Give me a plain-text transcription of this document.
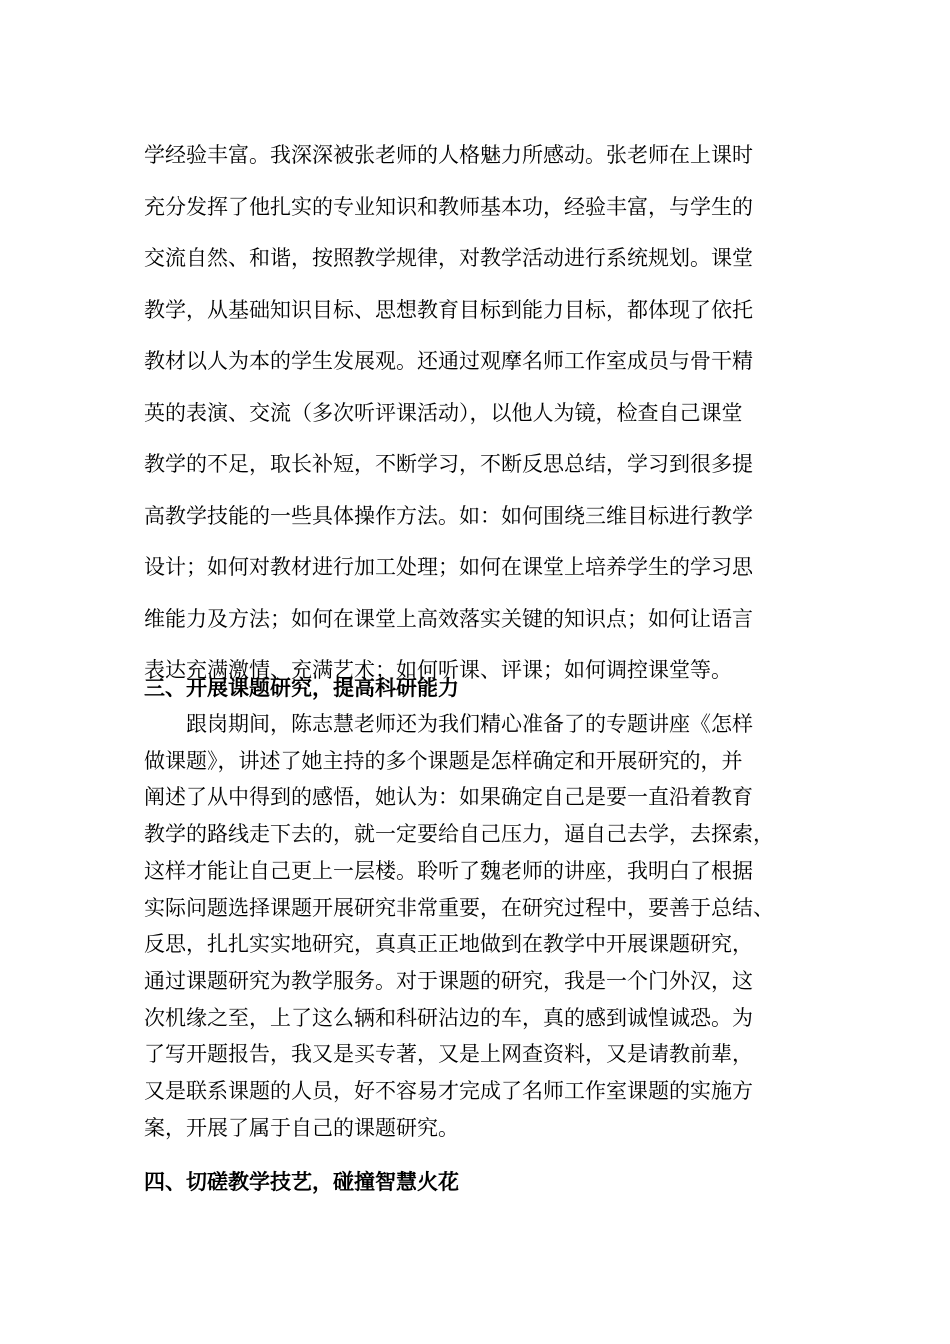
学经验丰富。我深深被张老师的人格魅力所感动。张老师在上课时
充分发挥了他扎实的专业知识和教师基本功，经验丰富，与学生的
交流自然、和谐，按照教学规律，对教学活动进行系统规划。课堂
教学，从基础知识目标、思想教育目标到能力目标，都体现了依托
教材以人为本的学生发展观。还通过观摩名师工作室成员与骨干精
英的表演、交流（多次听评课活动），以他人为镜，检查自己课堂
教学的不足，取长补短，不断学习，不断反思总结，学习到很多提
高教学技能的一些具体操作方法。如：如何围绕三维目标进行教学
设计；如何对教材进行加工处理；如何在课堂上培养学生的学习思
维能力及方法；如何在课堂上高效落实关键的知识点；如何让语言
表达充满激情、充满艺术；如何听课、评课；如何调控课堂等。
三、开展课题研究，提高科研能力
　　跟岗期间，陈志慧老师还为我们精心准备了的专题讲座《怎样
做课题》，讲述了她主持的多个课题是怎样确定和开展研究的，并
阐述了从中得到的感悟，她认为：如果确定自己是要一直沿着教育
教学的路线走下去的，就一定要给自己压力，逼自己去学，去探索，
这样才能让自己更上一层楼。聆听了魏老师的讲座，我明白了根据
实际问题选择课题开展研究非常重要，在研究过程中，要善于总结、
反思，扎扎实实地研究，真真正正地做到在教学中开展课题研究，
通过课题研究为教学服务。对于课题的研究，我是一个门外汉，这
次机缘之至，上了这么辆和科研沾边的车，真的感到诚惶诚恐。为
了写开题报告，我又是买专著，又是上网查资料，又是请教前辈，
又是联系课题的人员，好不容易才完成了名师工作室课题的实施方
案，开展了属于自己的课题研究。
四、切磋教学技艺，碰撞智慧火花
